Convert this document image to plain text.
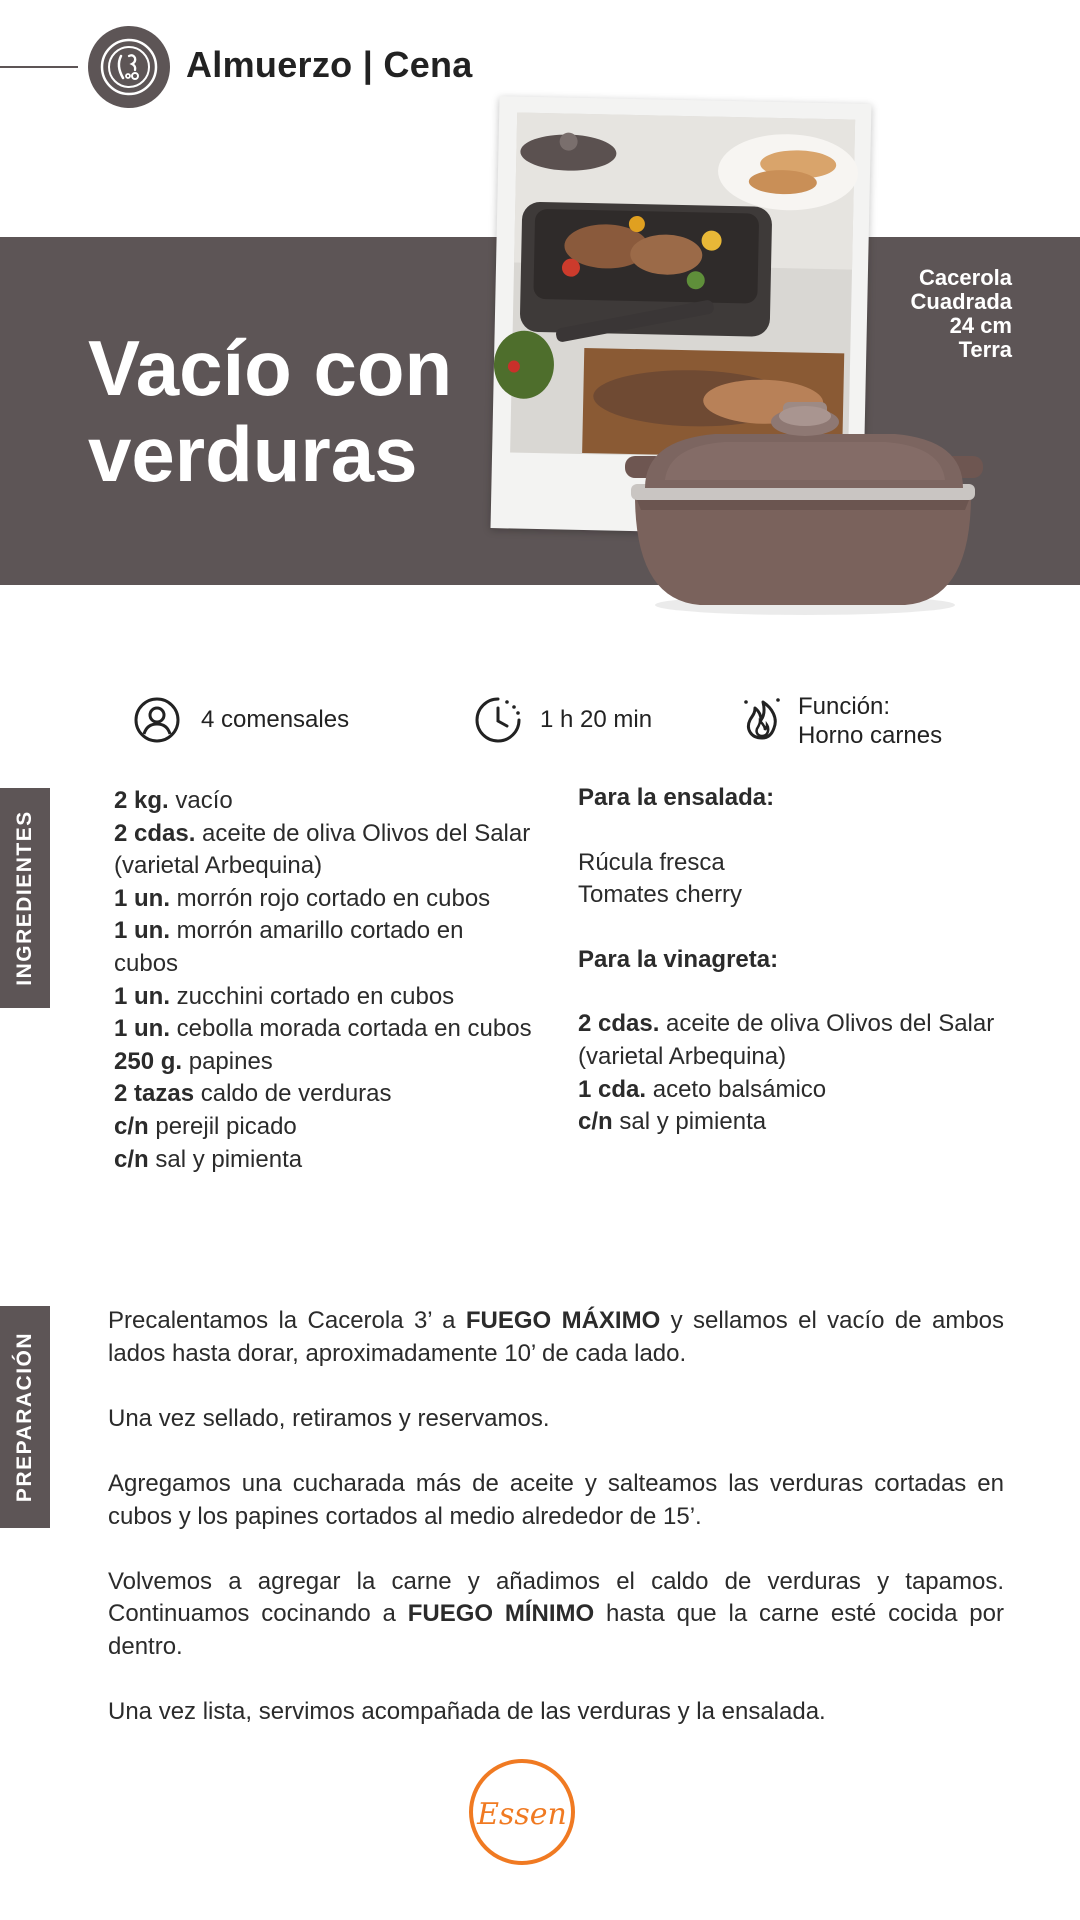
Almuerzo | Cena
Vacío con
verduras
Cacerola
Cuadrada
24 cm
Terra
4 comensales	1 h 20 min	Función:
Horno carnes
INGREDIENTES
PREPARACIÓN

2 kg. vacío

2 cdas. aceite de oliva Olivos del Salar (varietal Arbequina)

1 un. morrón rojo cortado en cubos

1 un. morrón amarillo cortado en cubos

1 un. zucchini cortado en cubos

1 un. cebolla morada cortada en cubos

250 g. papines

2 tazas caldo de verduras

c/n perejil picado

c/n sal y pimienta

Para la ensalada:

Rúcula fresca

Tomates cherry

Para la vinagreta:

2 cdas. aceite de oliva Olivos del Salar (varietal Arbequina)

1 cda. aceto balsámico

c/n sal y pimienta

Precalentamos la Cacerola 3’ a FUEGO MÁXIMO y sellamos el vacío de ambos lados hasta dorar, aproximadamente 10’ de cada lado.

Una vez sellado, retiramos y reservamos.

Agregamos una cucharada más de aceite y salteamos las verduras cortadas en cubos y los papines cortados al medio alrededor de 15’.

Volvemos a agregar la carne y añadimos el caldo de verduras y tapamos. Continuamos cocinando a FUEGO MÍNIMO hasta que la carne esté cocida por dentro.

Una vez lista, servimos acompañada de las verduras y la ensalada.

Essen
